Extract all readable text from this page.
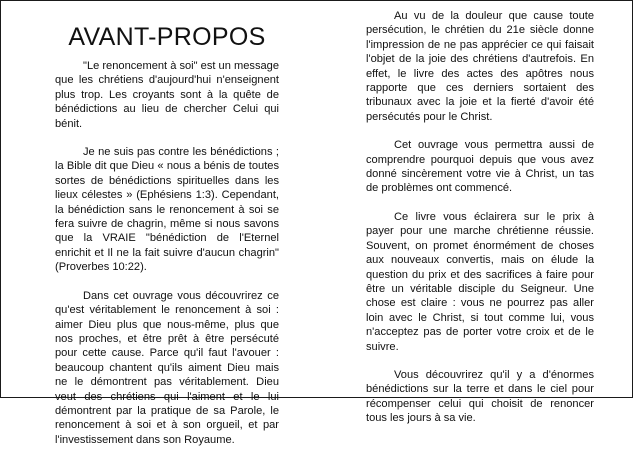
AVANT-PROPOS

"Le renoncement à soi" est un message que les chrétiens d'aujourd'hui n'enseignent plus trop. Les croyants sont à la quête de bénédictions au lieu de chercher Celui qui bénit.

Je ne suis pas contre les bénédictions ; la Bible dit que Dieu « nous a bénis de toutes sortes de bénédictions spirituelles dans les lieux célestes » (Ephésiens 1:3). Cependant, la bénédiction sans le renoncement à soi se fera suivre de chagrin, même si nous savons que la VRAIE "bénédiction de l'Eternel enrichit et Il ne la fait suivre d'aucun chagrin" (Proverbes 10:22).

Dans cet ouvrage vous découvrirez ce qu'est véritablement le renoncement à soi : aimer Dieu plus que nous-même, plus que nos proches, et être prêt à être persécuté pour cette cause. Parce qu'il faut l'avouer : beaucoup chantent qu'ils aiment Dieu mais ne le démontrent pas véritablement. Dieu veut des chrétiens qui l'aiment et le lui démontrent par la pratique de sa Parole, le renoncement à soi et à son orgueil, et par l'investissement dans son Royaume.

Au vu de la douleur que cause toute persécution, le chrétien du 21e siècle donne l'impression de ne pas apprécier ce qui faisait l'objet de la joie des chrétiens d'autrefois. En effet, le livre des actes des apôtres nous rapporte que ces derniers sortaient des tribunaux avec la joie et la fierté d'avoir été persécutés pour le Christ.

Cet ouvrage vous permettra aussi de comprendre pourquoi depuis que vous avez donné sincèrement votre vie à Christ, un tas de problèmes ont commencé.

Ce livre vous éclairera sur le prix à payer pour une marche chrétienne réussie. Souvent, on promet énormément de choses aux nouveaux convertis, mais on élude la question du prix et des sacrifices à faire pour être un véritable disciple du Seigneur. Une chose est claire : vous ne pourrez pas aller loin avec le Christ, si tout comme lui, vous n'acceptez pas de porter votre croix et de le suivre.

Vous découvrirez qu'il y a d'énormes bénédictions sur la terre et dans le ciel pour récompenser celui qui choisit de renoncer tous les jours à sa vie.
